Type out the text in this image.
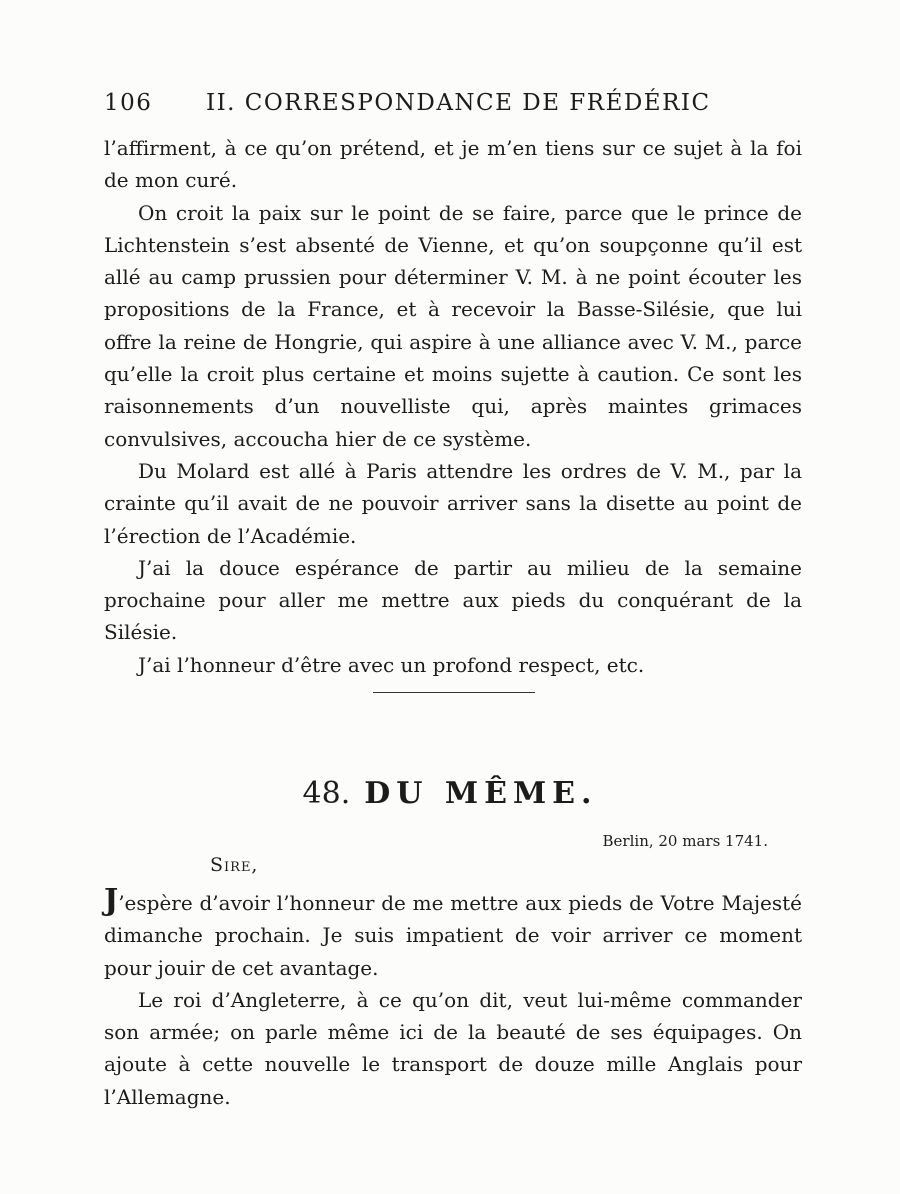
106 II. CORRESPONDANCE DE FRÉDÉRIC

l’affirment, à ce qu’on prétend, et je m’en tiens sur ce sujet à la foi de mon curé.

On croit la paix sur le point de se faire, parce que le prince de Lichtenstein s’est absenté de Vienne, et qu’on soupçonne qu’il est allé au camp prussien pour déterminer V. M. à ne point écouter les propositions de la France, et à recevoir la Basse-Silésie, que lui offre la reine de Hongrie, qui aspire à une alliance avec V. M., parce qu’elle la croit plus certaine et moins sujette à caution. Ce sont les raisonnements d’un nouvelliste qui, après maintes grimaces convulsives, accoucha hier de ce système.

Du Molard est allé à Paris attendre les ordres de V. M., par la crainte qu’il avait de ne pouvoir arriver sans la disette au point de l’érection de l’Académie.

J’ai la douce espérance de partir au milieu de la semaine prochaine pour aller me mettre aux pieds du conquérant de la Silésie.

J’ai l’honneur d’être avec un profond respect, etc.

48. DU MÊME.
Berlin, 20 mars 1741.
Sire,

J’espère d’avoir l’honneur de me mettre aux pieds de Votre Majesté dimanche prochain. Je suis impatient de voir arriver ce moment pour jouir de cet avantage.

Le roi d’Angleterre, à ce qu’on dit, veut lui-même commander son armée; on parle même ici de la beauté de ses équipages. On ajoute à cette nouvelle le transport de douze mille Anglais pour l’Allemagne.
